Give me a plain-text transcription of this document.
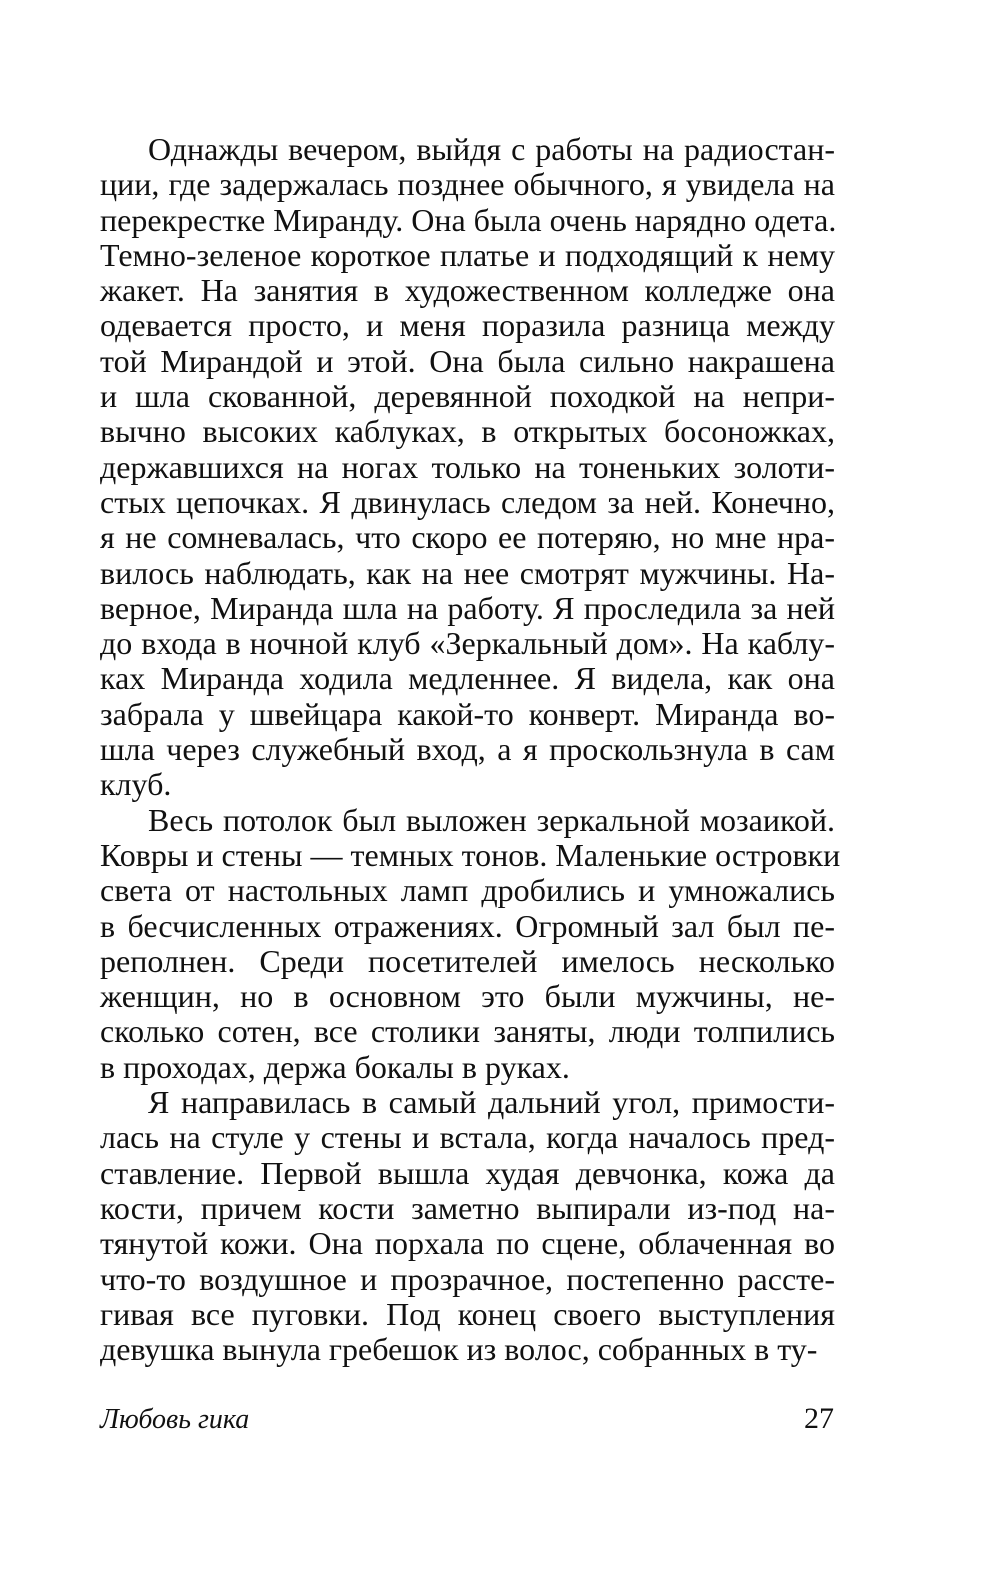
Однажды вечером, выйдя с работы на радиостан-
ции, где задержалась позднее обычного, я увидела на
перекрестке Миранду. Она была очень нарядно одета.
Темно-зеленое короткое платье и подходящий к нему
жакет. На занятия в художественном колледже она
одевается просто, и меня поразила разница между
той Мирандой и этой. Она была сильно накрашена
и шла скованной, деревянной походкой на непри-
вычно высоких каблуках, в открытых босоножках,
державшихся на ногах только на тоненьких золоти-
стых цепочках. Я двинулась следом за ней. Конечно,
я не сомневалась, что скоро ее потеряю, но мне нра-
вилось наблюдать, как на нее смотрят мужчины. На-
верное, Миранда шла на работу. Я проследила за ней
до входа в ночной клуб «Зеркальный дом». На каблу-
ках Миранда ходила медленнее. Я видела, как она
забрала у швейцара какой-то конверт. Миранда во-
шла через служебный вход, а я проскользнула в сам
клуб.
Весь потолок был выложен зеркальной мозаикой.
Ковры и стены — темных тонов. Маленькие островки
света от настольных ламп дробились и умножались
в бесчисленных отражениях. Огромный зал был пе-
реполнен. Среди посетителей имелось несколько
женщин, но в основном это были мужчины, не-
сколько сотен, все столики заняты, люди толпились
в проходах, держа бокалы в руках.
Я направилась в самый дальний угол, примости-
лась на стуле у стены и встала, когда началось пред-
ставление. Первой вышла худая девчонка, кожа да
кости, причем кости заметно выпирали из-под на-
тянутой кожи. Она порхала по сцене, облаченная во
что-то воздушное и прозрачное, постепенно рассте-
гивая все пуговки. Под конец своего выступления
девушка вынула гребешок из волос, собранных в ту-
Любовь гика	27
